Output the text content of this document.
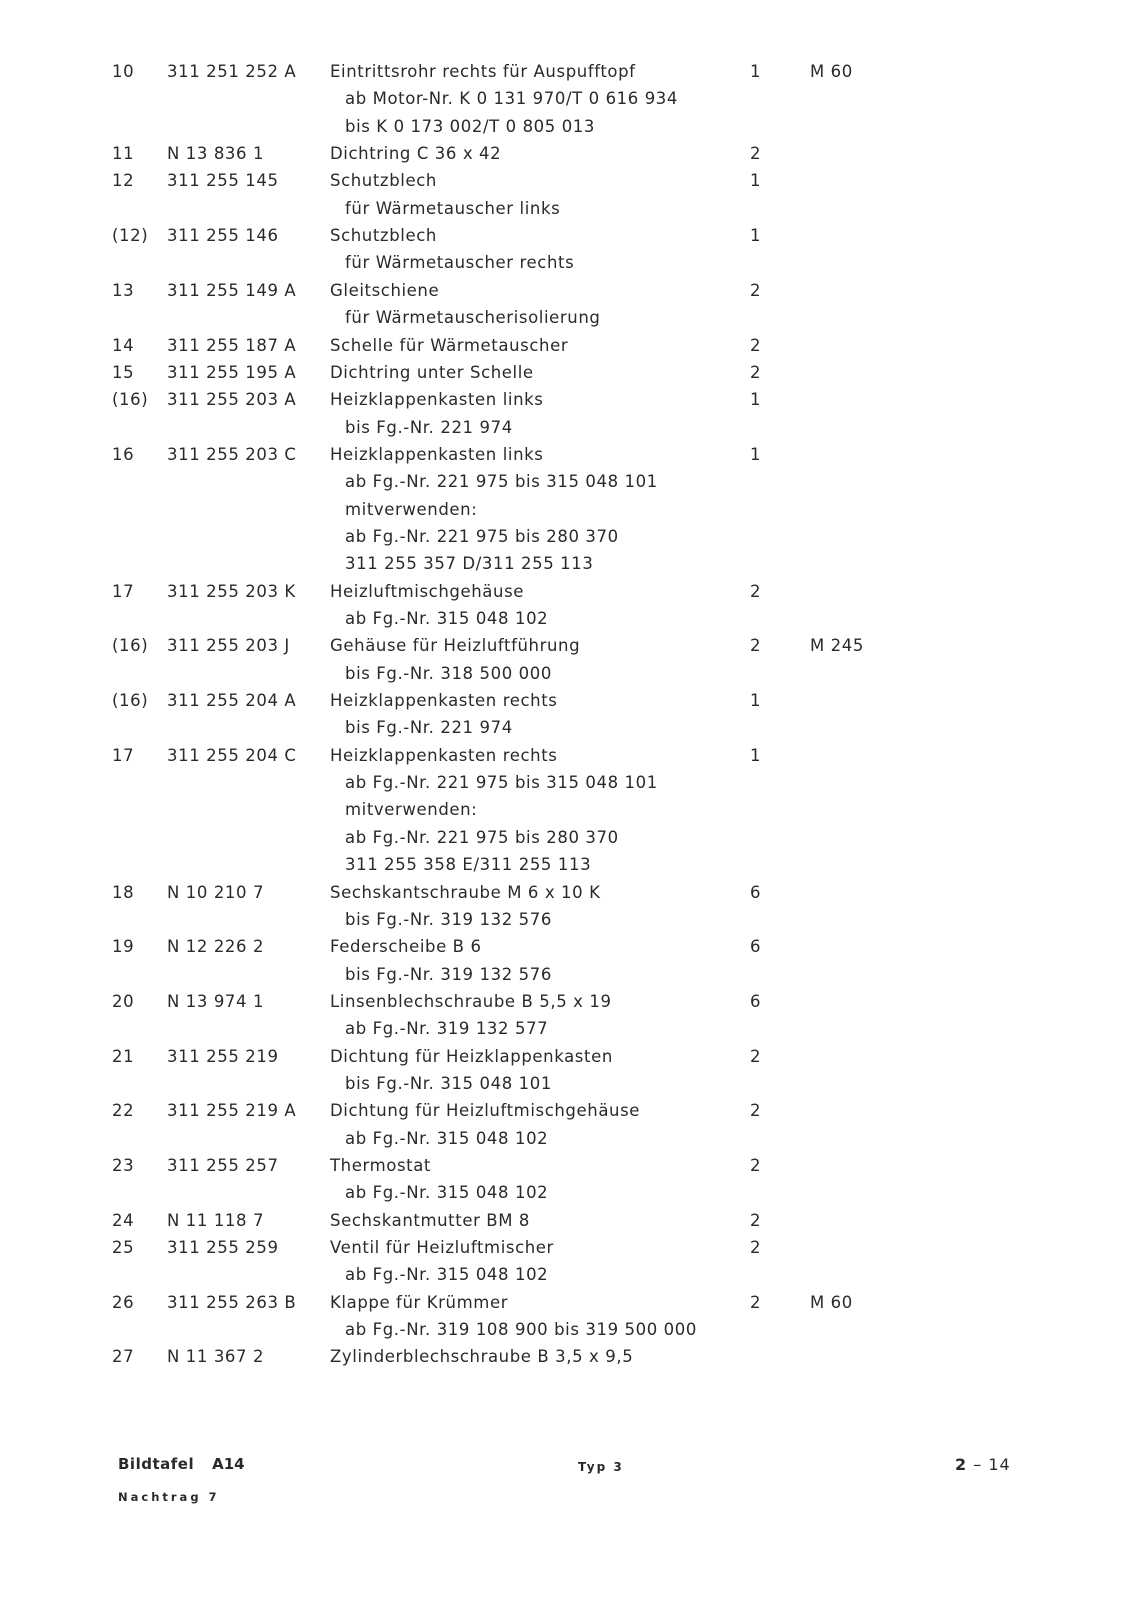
10	311 251 252 A	Eintrittsrohr rechts für Auspufftopf	1	M 60
ab Motor-Nr. K 0 131 970/T 0 616 934
bis K 0 173 002/T 0 805 013
11	N 13 836 1	Dichtring C 36 x 42	2
12	311 255 145	Schutzblech	1
für Wärmetauscher links
(12)	311 255 146	Schutzblech	1
für Wärmetauscher rechts
13	311 255 149 A	Gleitschiene	2
für Wärmetauscherisolierung
14	311 255 187 A	Schelle für Wärmetauscher	2
15	311 255 195 A	Dichtring unter Schelle	2
(16)	311 255 203 A	Heizklappenkasten links	1
bis Fg.-Nr. 221 974
16	311 255 203 C	Heizklappenkasten links	1
ab Fg.-Nr. 221 975 bis 315 048 101
mitverwenden:
ab Fg.-Nr. 221 975 bis 280 370
311 255 357 D/311 255 113
17	311 255 203 K	Heizluftmischgehäuse	2
ab Fg.-Nr. 315 048 102
(16)	311 255 203 J	Gehäuse für Heizluftführung	2	M 245
bis Fg.-Nr. 318 500 000
(16)	311 255 204 A	Heizklappenkasten rechts	1
bis Fg.-Nr. 221 974
17	311 255 204 C	Heizklappenkasten rechts	1
ab Fg.-Nr. 221 975 bis 315 048 101
mitverwenden:
ab Fg.-Nr. 221 975 bis 280 370
311 255 358 E/311 255 113
18	N 10 210 7	Sechskantschraube M 6 x 10 K	6
bis Fg.-Nr. 319 132 576
19	N 12 226 2	Federscheibe B 6	6
bis Fg.-Nr. 319 132 576
20	N 13 974 1	Linsenblechschraube B 5,5 x 19	6
ab Fg.-Nr. 319 132 577
21	311 255 219	Dichtung für Heizklappenkasten	2
bis Fg.-Nr. 315 048 101
22	311 255 219 A	Dichtung für Heizluftmischgehäuse	2
ab Fg.-Nr. 315 048 102
23	311 255 257	Thermostat	2
ab Fg.-Nr. 315 048 102
24	N 11 118 7	Sechskantmutter BM 8	2
25	311 255 259	Ventil für Heizluftmischer	2
ab Fg.-Nr. 315 048 102
26	311 255 263 B	Klappe für Krümmer	2	M 60
ab Fg.-Nr. 319 108 900 bis 319 500 000
27	N 11 367 2	Zylinderblechschraube B 3,5 x 9,5
Bildtafel A14
Nachtrag 7
Typ 3	2 – 14
